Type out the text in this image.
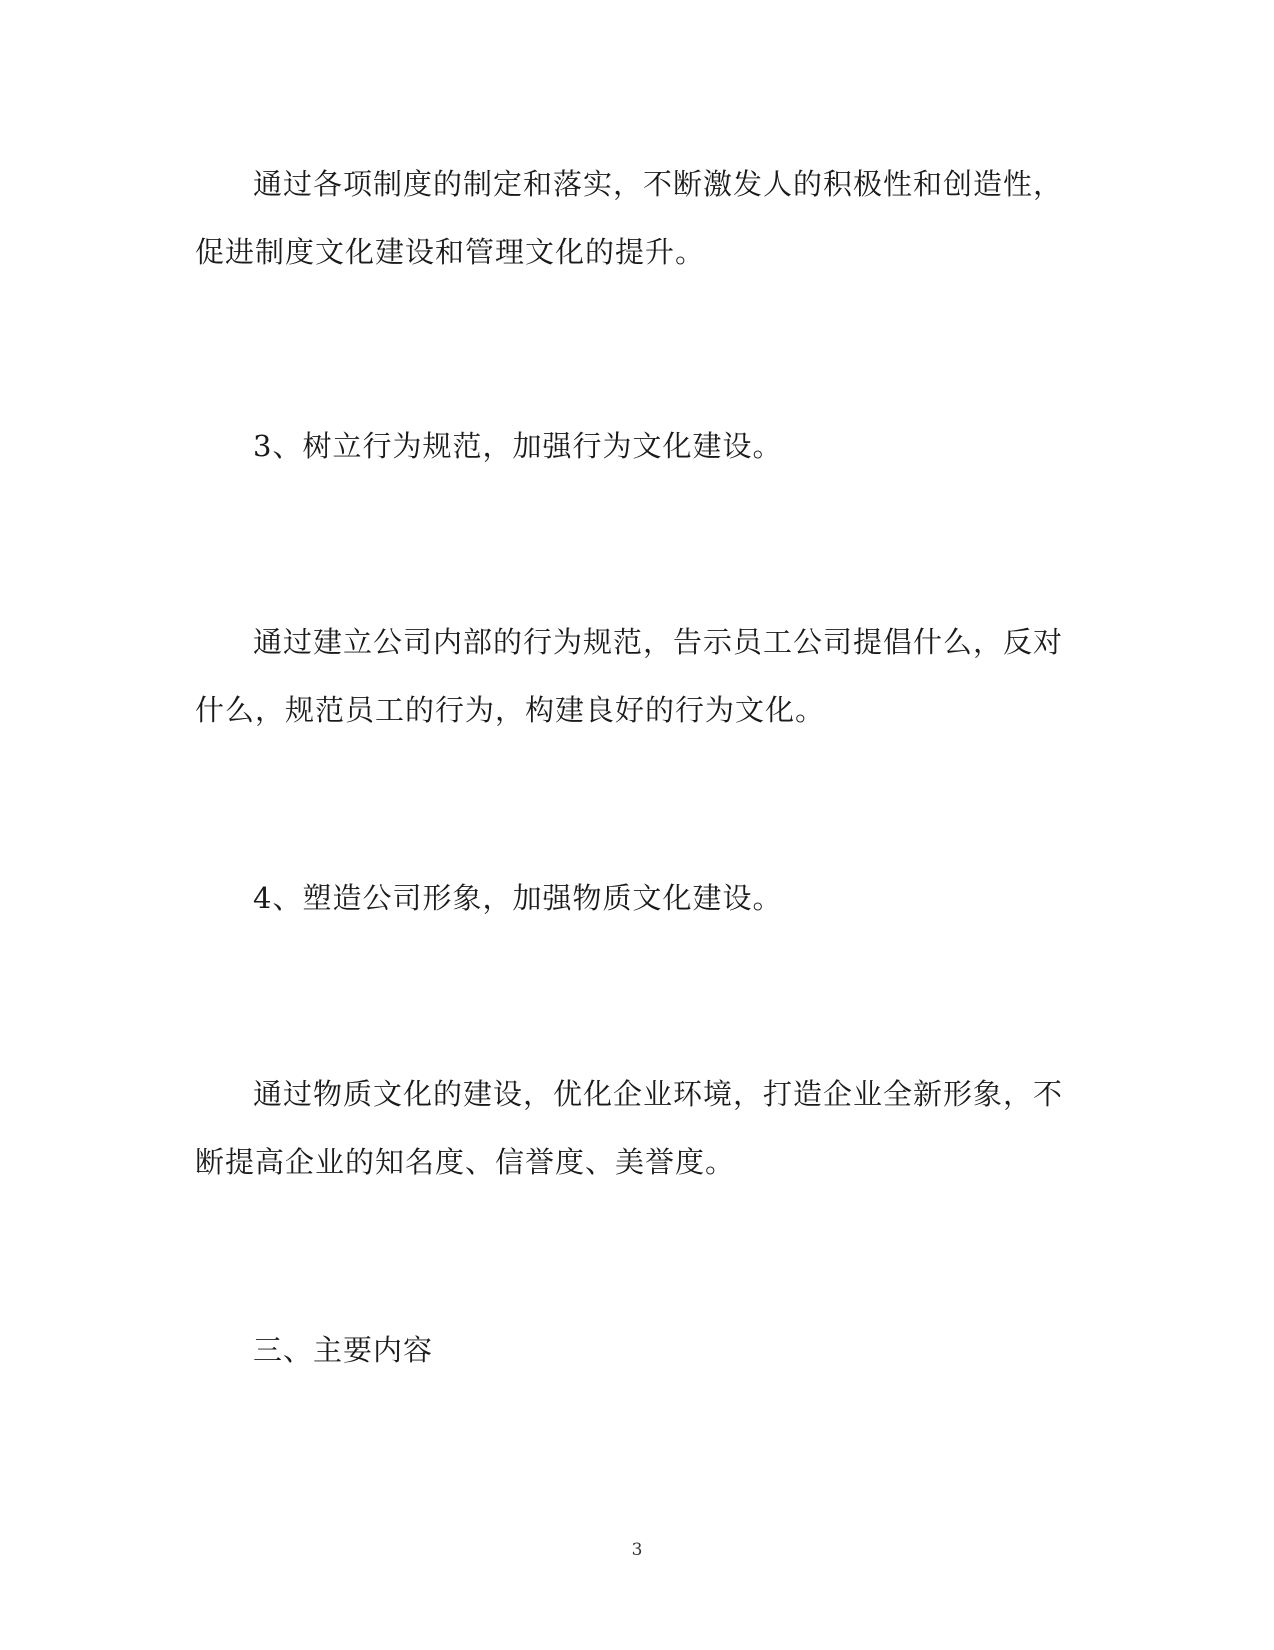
通过各项制度的制定和落实，不断激发人的积极性和创造性，促进制度文化建设和管理文化的提升。

3、树立行为规范，加强行为文化建设。

通过建立公司内部的行为规范，告示员工公司提倡什么，反对什么，规范员工的行为，构建良好的行为文化。

4、塑造公司形象，加强物质文化建设。

通过物质文化的建设，优化企业环境，打造企业全新形象，不断提高企业的知名度、信誉度、美誉度。

三、主要内容

3
